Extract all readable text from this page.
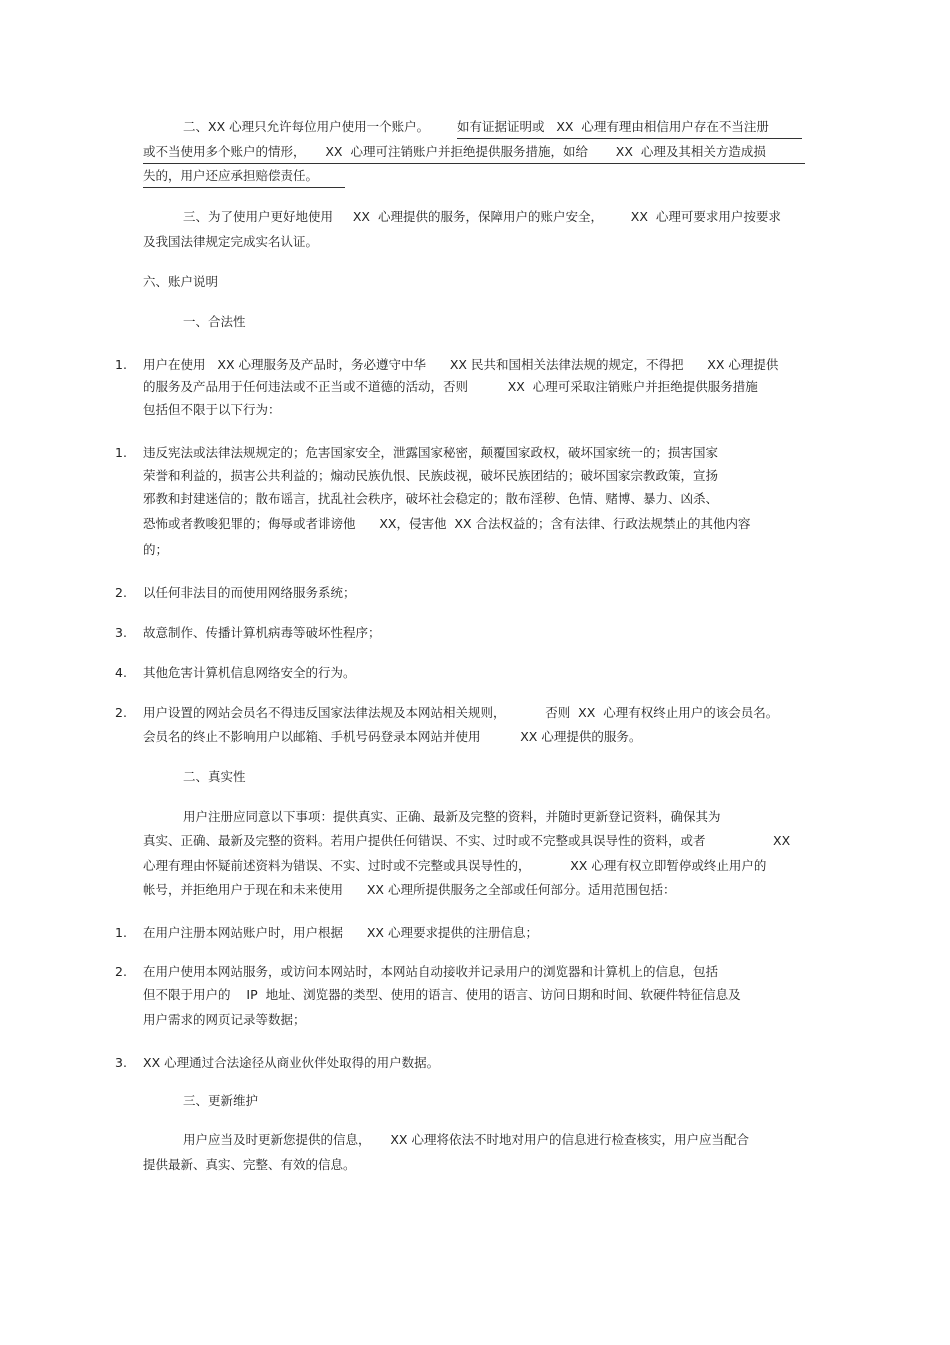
二、XX 心理只允许每位用户使用一个账户。 如有证据证明或   XX  心理有理由相信用户存在不当注册
或不当使用多个账户的情形，     XX  心理可注销账户并拒绝提供服务措施，如给       XX  心理及其相关方造成损
失的，用户还应承担赔偿责任。
三、为了使用户更好地使用     XX  心理提供的服务，保障用户的账户安全，       XX  心理可要求用户按要求
及我国法律规定完成实名认证。
六、账户说明
一、合法性
1. 用户在使用   XX 心理服务及产品时，务必遵守中华      XX 民共和国相关法律法规的规定，不得把      XX 心理提供
的服务及产品用于任何违法或不正当或不道德的活动，否则          XX  心理可采取注销账户并拒绝提供服务措施
包括但不限于以下行为：
1. 违反宪法或法律法规规定的；危害国家安全，泄露国家秘密，颠覆国家政权，破坏国家统一的；损害国家
荣誉和利益的，损害公共利益的；煽动民族仇恨、民族歧视，破坏民族团结的；破坏国家宗教政策，宣扬
邪教和封建迷信的；散布谣言，扰乱社会秩序，破坏社会稳定的；散布淫秽、色情、赌博、暴力、凶杀、
恐怖或者教唆犯罪的；侮辱或者诽谤他      XX，侵害他  XX 合法权益的；含有法律、行政法规禁止的其他内容
的；
2. 以任何非法目的而使用网络服务系统；
3. 故意制作、传播计算机病毒等破坏性程序；
4. 其他危害计算机信息网络安全的行为。
2. 用户设置的网站会员名不得违反国家法律法规及本网站相关规则，          否则  XX  心理有权终止用户的该会员名。
会员名的终止不影响用户以邮箱、手机号码登录本网站并使用          XX 心理提供的服务。
二、真实性
用户注册应同意以下事项：提供真实、正确、最新及完整的资料，并随时更新登记资料，确保其为
真实、正确、最新及完整的资料。若用户提供任何错误、不实、过时或不完整或具误导性的资料，或者                 XX
心理有理由怀疑前述资料为错误、不实、过时或不完整或具误导性的，          XX 心理有权立即暂停或终止用户的
帐号，并拒绝用户于现在和未来使用      XX 心理所提供服务之全部或任何部分。适用范围包括：
1. 在用户注册本网站账户时，用户根据      XX 心理要求提供的注册信息；
2. 在用户使用本网站服务，或访问本网站时，本网站自动接收并记录用户的浏览器和计算机上的信息，包括
但不限于用户的    IP  地址、浏览器的类型、使用的语言、使用的语言、访问日期和时间、软硬件特征信息及
用户需求的网页记录等数据；
3. XX 心理通过合法途径从商业伙伴处取得的用户数据。
三、更新维护
用户应当及时更新您提供的信息，     XX 心理将依法不时地对用户的信息进行检查核实，用户应当配合
提供最新、真实、完整、有效的信息。
